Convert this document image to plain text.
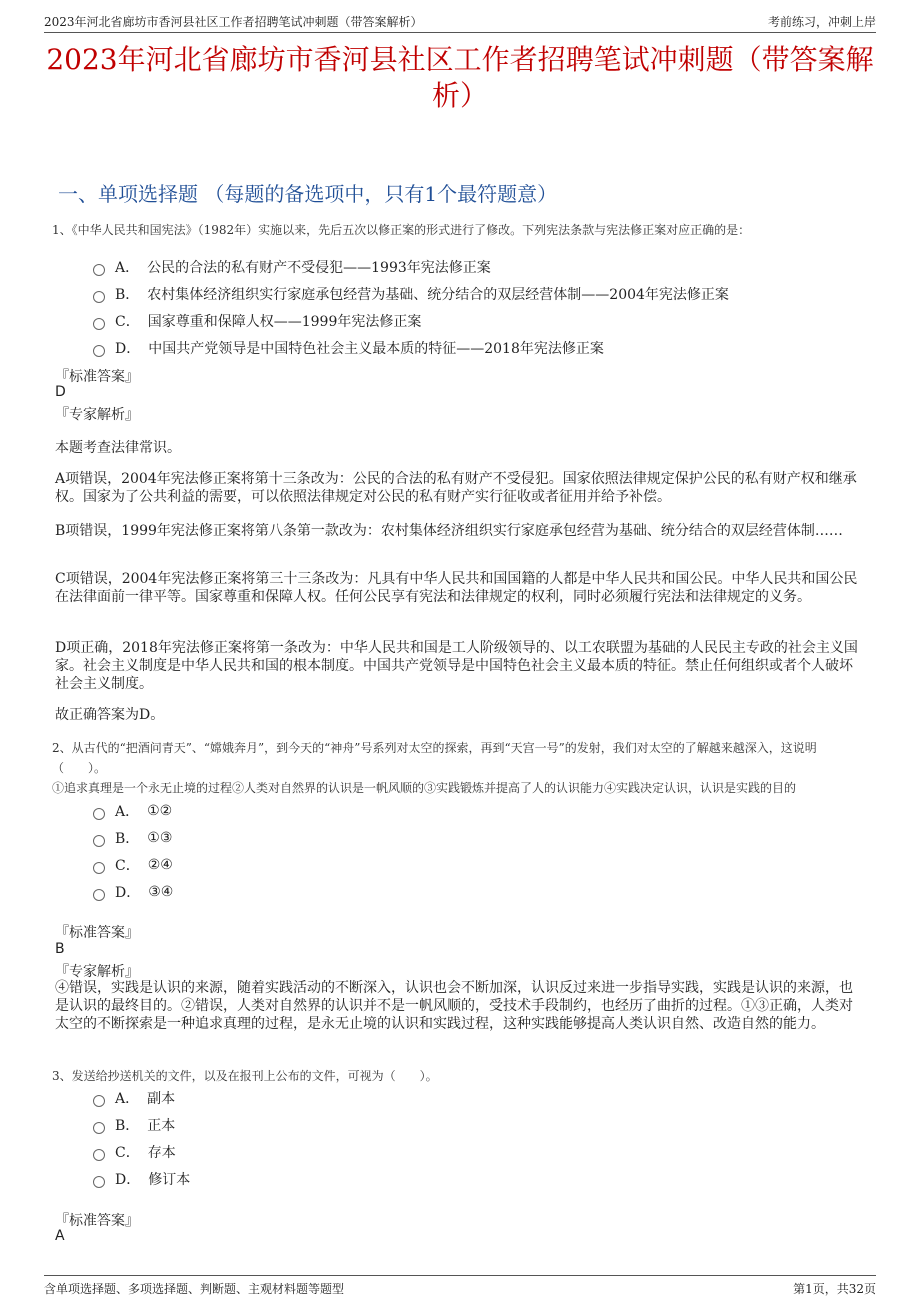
2023年河北省廊坊市香河县社区工作者招聘笔试冲刺题（带答案解析）	考前练习，冲刺上岸
2023年河北省廊坊市香河县社区工作者招聘笔试冲刺题（带答案解析）
一、单项选择题 （每题的备选项中，只有1个最符题意）
1、《中华人民共和国宪法》（1982年）实施以来，先后五次以修正案的形式进行了修改。下列宪法条款与宪法修正案对应正确的是：
A． 公民的合法的私有财产不受侵犯——1993年宪法修正案
B． 农村集体经济组织实行家庭承包经营为基础、统分结合的双层经营体制——2004年宪法修正案
C． 国家尊重和保障人权——1999年宪法修正案
D． 中国共产党领导是中国特色社会主义最本质的特征——2018年宪法修正案
『标准答案』
D
『专家解析』
本题考查法律常识。
A项错误，2004年宪法修正案将第十三条改为：公民的合法的私有财产不受侵犯。国家依照法律规定保护公民的私有财产权和继承权。国家为了公共利益的需要，可以依照法律规定对公民的私有财产实行征收或者征用并给予补偿。
B项错误，1999年宪法修正案将第八条第一款改为：农村集体经济组织实行家庭承包经营为基础、统分结合的双层经营体制……
C项错误，2004年宪法修正案将第三十三条改为：凡具有中华人民共和国国籍的人都是中华人民共和国公民。中华人民共和国公民在法律面前一律平等。国家尊重和保障人权。任何公民享有宪法和法律规定的权利，同时必须履行宪法和法律规定的义务。
D项正确，2018年宪法修正案将第一条改为：中华人民共和国是工人阶级领导的、以工农联盟为基础的人民民主专政的社会主义国家。社会主义制度是中华人民共和国的根本制度。中国共产党领导是中国特色社会主义最本质的特征。禁止任何组织或者个人破坏社会主义制度。
故正确答案为D。
2、从古代的“把酒问青天”、“嫦娥奔月”，到今天的“神舟”号系列对太空的探索，再到“天宫一号”的发射，我们对太空的了解越来越深入，这说明（　　）。
①追求真理是一个永无止境的过程②人类对自然界的认识是一帆风顺的③实践锻炼并提高了人的认识能力④实践决定认识，认识是实践的目的
A． ①②
B． ①③
C． ②④
D． ③④
『标准答案』
B
『专家解析』
④错误，实践是认识的来源，随着实践活动的不断深入，认识也会不断加深，认识反过来进一步指导实践，实践是认识的来源，也是认识的最终目的。②错误，人类对自然界的认识并不是一帆风顺的，受技术手段制约，也经历了曲折的过程。①③正确，人类对太空的不断探索是一种追求真理的过程，是永无止境的认识和实践过程，这种实践能够提高人类认识自然、改造自然的能力。
3、发送给抄送机关的文件，以及在报刊上公布的文件，可视为（　　）。
A． 副本
B． 正本
C． 存本
D． 修订本
『标准答案』
A
含单项选择题、多项选择题、判断题、主观材料题等题型	第1页，共32页
